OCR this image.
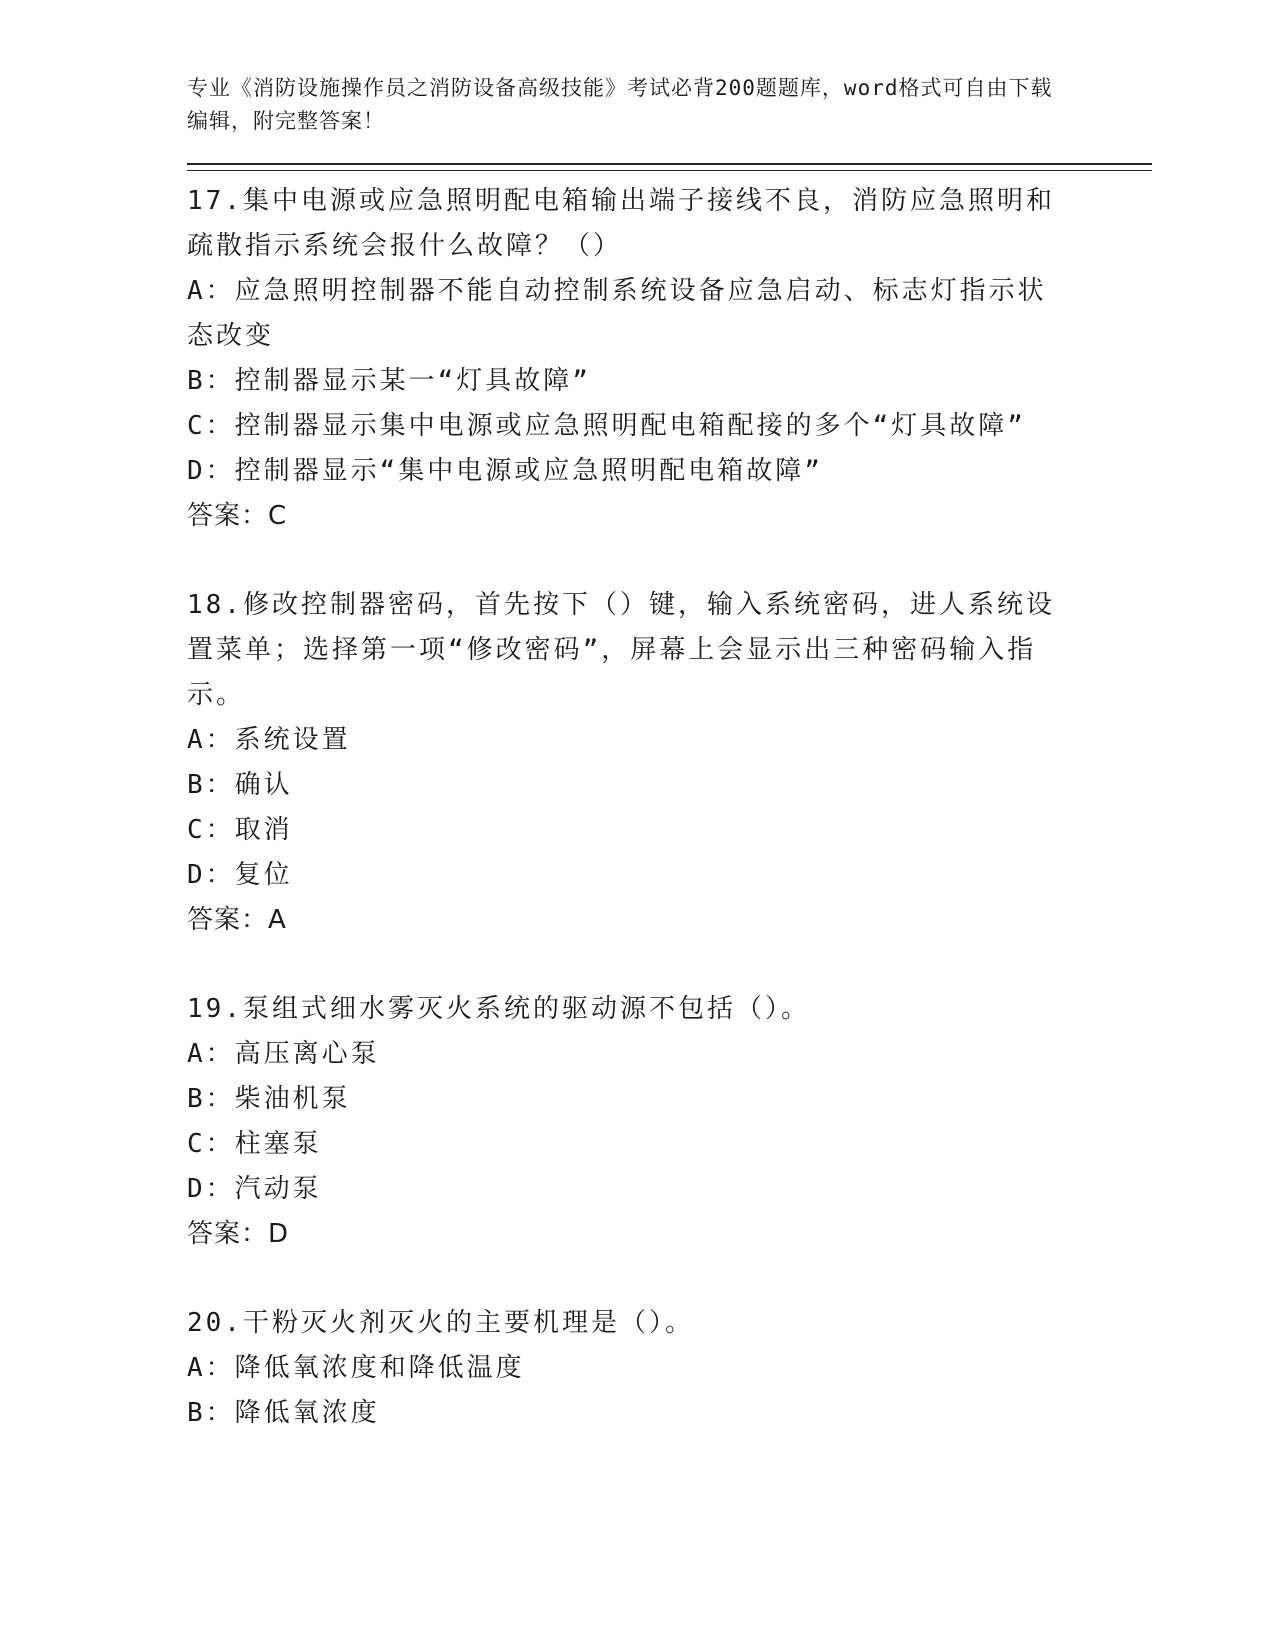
专业《消防设施操作员之消防设备高级技能》考试必背200题题库，word格式可自由下载编辑，附完整答案！

17.集中电源或应急照明配电箱输出端子接线不良，消防应急照明和疏散指示系统会报什么故障？（）

A：应急照明控制器不能自动控制系统设备应急启动、标志灯指示状态改变

B：控制器显示某一“灯具故障”

C：控制器显示集中电源或应急照明配电箱配接的多个“灯具故障”

D：控制器显示“集中电源或应急照明配电箱故障”

答案：C

18.修改控制器密码，首先按下（）键，输入系统密码，进人系统设置菜单；选择第一项“修改密码”，屏幕上会显示出三种密码输入指示。

A：系统设置

B：确认

C：取消

D：复位

答案：A

19.泵组式细水雾灭火系统的驱动源不包括（）。

A：高压离心泵

B：柴油机泵

C：柱塞泵

D：汽动泵

答案：D

20.干粉灭火剂灭火的主要机理是（）。

A：降低氧浓度和降低温度

B：降低氧浓度
